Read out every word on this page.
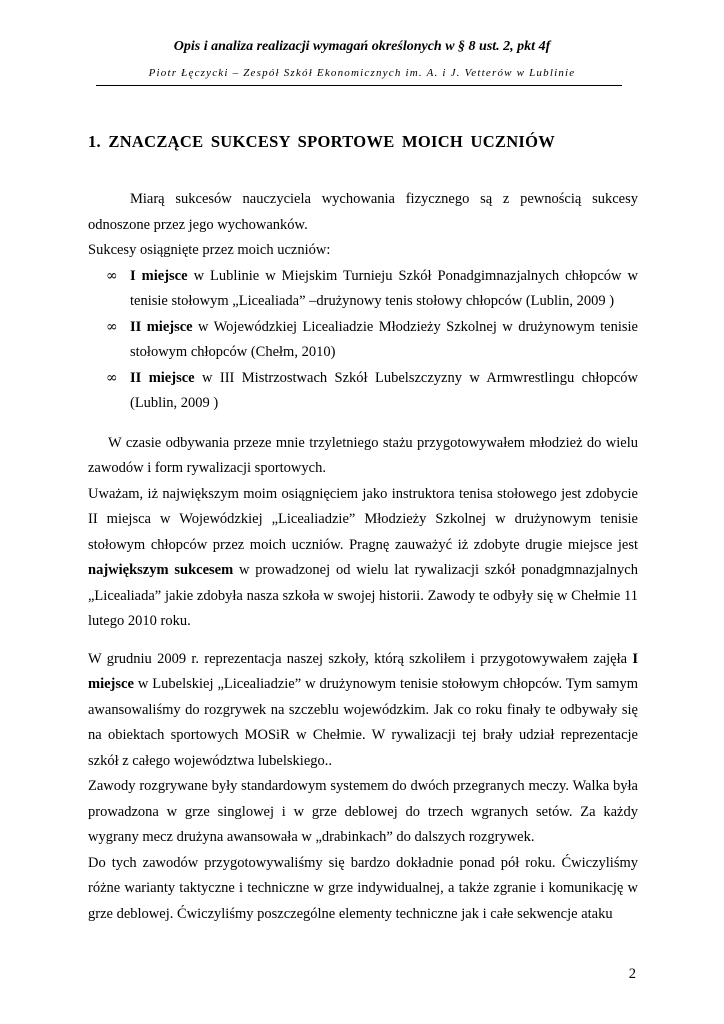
Opis i analiza realizacji wymagań określonych w § 8 ust. 2, pkt 4f
Piotr Łęczycki – Zespół Szkół Ekonomicznych im. A. i J. Vetterów w Lublinie
1. ZNACZĄCE SUKCESY SPORTOWE MOICH UCZNIÓW

Miarą sukcesów nauczyciela wychowania fizycznego są z pewnością sukcesy odnoszone przez jego wychowanków.

Sukcesy osiągnięte przez moich uczniów:

∞ I miejsce w Lublinie w Miejskim Turnieju Szkół Ponadgimnazjalnych chłopców w tenisie stołowym „Licealiada” –drużynowy tenis stołowy chłopców (Lublin, 2009 )
∞ II miejsce w Wojewódzkiej Licealiadzie Młodzieży Szkolnej w drużynowym tenisie stołowym chłopców (Chełm, 2010)
∞ II miejsce w III Mistrzostwach Szkół Lubelszczyzny w Armwrestlingu chłopców (Lublin, 2009 )

W czasie odbywania przeze mnie trzyletniego stażu przygotowywałem młodzież do wielu zawodów i form rywalizacji sportowych.

Uważam, iż największym moim osiągnięciem jako instruktora tenisa stołowego jest zdobycie II miejsca w Wojewódzkiej „Licealiadzie” Młodzieży Szkolnej w drużynowym tenisie stołowym chłopców przez moich uczniów. Pragnę zauważyć iż zdobyte drugie miejsce jest największym sukcesem w prowadzonej od wielu lat rywalizacji szkół ponadgmnazjalnych „Licealiada” jakie zdobyła nasza szkoła w swojej historii. Zawody te odbyły się w Chełmie 11 lutego 2010 roku.

W grudniu 2009 r. reprezentacja naszej szkoły, którą szkoliłem i przygotowywałem zajęła I miejsce w Lubelskiej „Licealiadzie” w drużynowym tenisie stołowym chłopców. Tym samym awansowaliśmy do rozgrywek na szczeblu wojewódzkim. Jak co roku finały te odbywały się na obiektach sportowych MOSiR w Chełmie. W rywalizacji tej brały udział reprezentacje szkół z całego województwa lubelskiego..

Zawody rozgrywane były standardowym systemem do dwóch przegranych meczy. Walka była prowadzona w grze singlowej i w grze deblowej do trzech wgranych setów. Za każdy wygrany mecz drużyna awansowała w „drabinkach” do dalszych rozgrywek.

Do tych zawodów przygotowywaliśmy się bardzo dokładnie ponad pół roku. Ćwiczyliśmy różne warianty taktyczne i techniczne w grze indywidualnej, a także zgranie i komunikację w grze deblowej. Ćwiczyliśmy poszczególne elementy techniczne jak i całe sekwencje ataku

2
